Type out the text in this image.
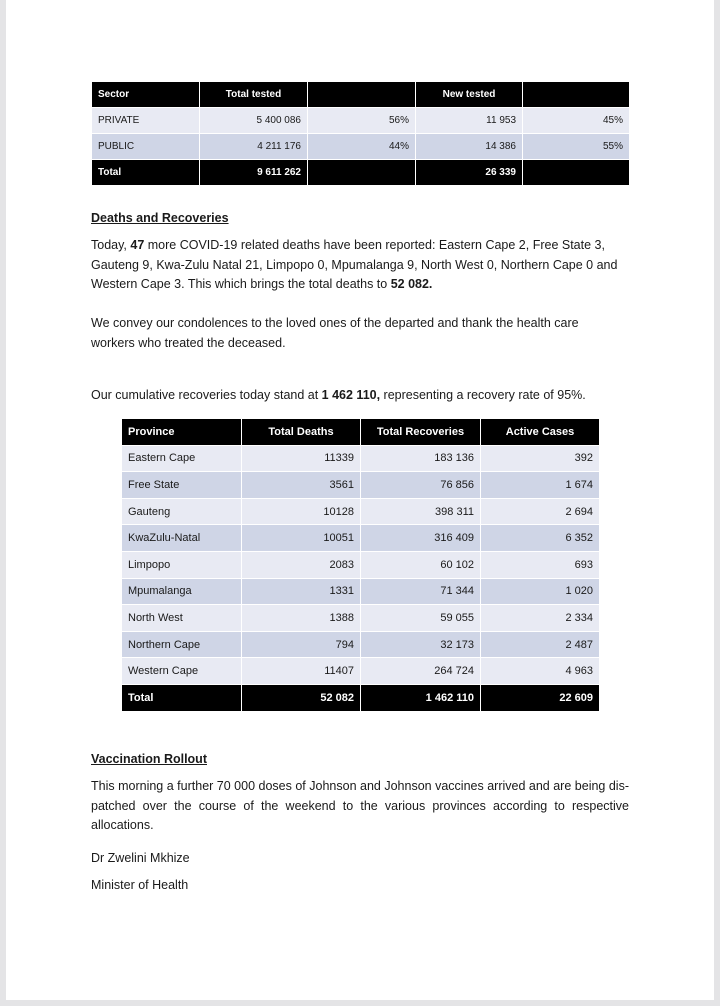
Sector	Total tested		New tested	
PRIVATE	5 400 086	56%	11 953	45%
PUBLIC	4 211 176	44%	14 386	55%
Total	9 611 262		26 339	
Deaths and Recoveries
Today, 47 more COVID-19 related deaths have been reported: Eastern Cape 2, Free State 3, Gauteng 9, Kwa-Zulu Natal 21, Limpopo 0, Mpumalanga 9, North West 0, Northern Cape 0 and Western Cape 3. This which brings the total deaths to 52 082.
We convey our condolences to the loved ones of the departed and thank the health care workers who treated the deceased.
Our cumulative recoveries today stand at 1 462 110, representing a recovery rate of 95%.
Province	Total Deaths	Total Recoveries	Active Cases
Eastern Cape	11339	183 136	392
Free State	3561	76 856	1 674
Gauteng	10128	398 311	2 694
KwaZulu-Natal	10051	316 409	6 352
Limpopo	2083	60 102	693
Mpumalanga	1331	71 344	1 020
North West	1388	59 055	2 334
Northern Cape	794	32 173	2 487
Western Cape	11407	264 724	4 963
Total	52 082	1 462 110	22 609
Vaccination Rollout
This morning a further 70 000 doses of Johnson and Johnson vaccines arrived and are being dis-patched over the course of the weekend to the various provinces according to respective allocations.
Dr Zwelini Mkhize
Minister of Health
